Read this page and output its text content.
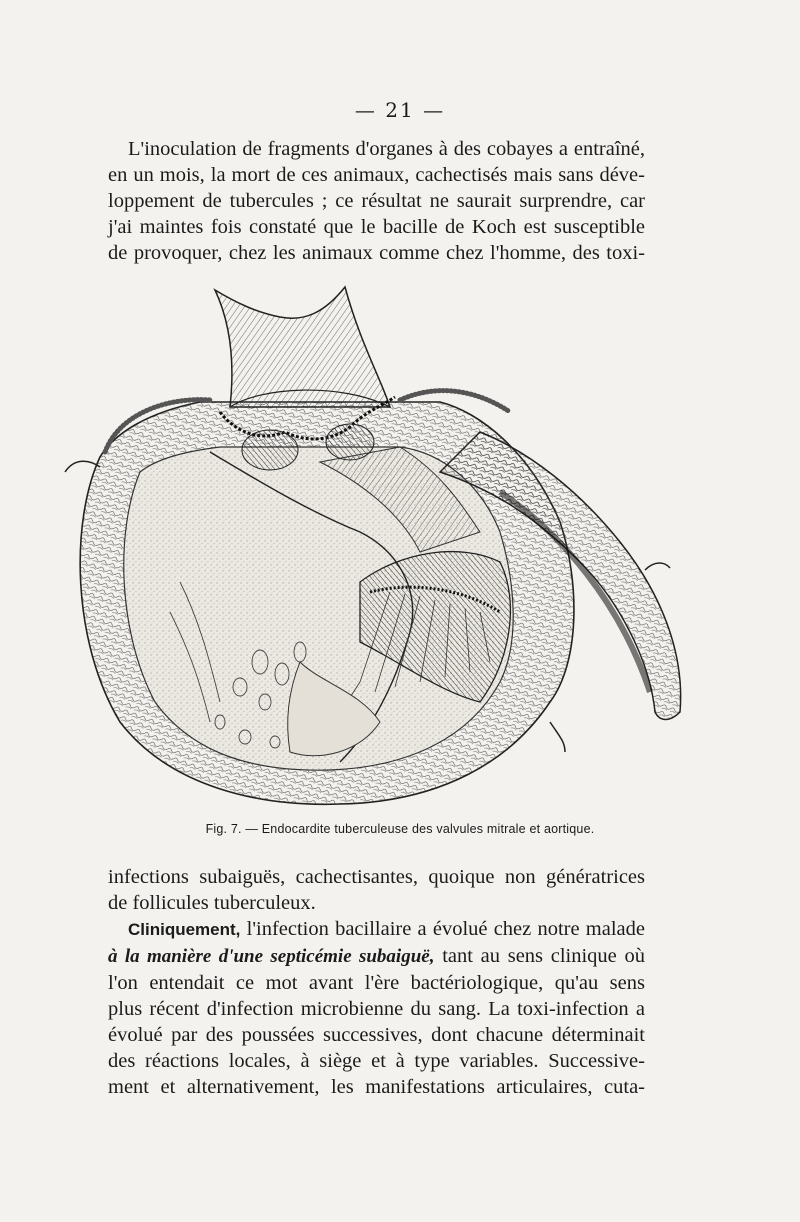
— 21 —
L'inoculation de fragments d'organes à des cobayes a entraîné,
en un mois, la mort de ces animaux, cachectisés mais sans déve-
loppement de tubercules ; ce résultat ne saurait surprendre, car
j'ai maintes fois constaté que le bacille de Koch est susceptible
de provoquer, chez les animaux comme chez l'homme, des toxi-
Fig. 7. — Endocardite tuberculeuse des valvules mitrale et aortique.
infections subaiguës, cachectisantes, quoique non génératrices
de follicules tuberculeux.
Cliniquement, l'infection bacillaire a évolué chez notre malade
à la manière d'une septicémie subaiguë, tant au sens clinique où
l'on entendait ce mot avant l'ère bactériologique, qu'au sens
plus récent d'infection microbienne du sang. La toxi-infection a
évolué par des poussées successives, dont chacune déterminait
des réactions locales, à siège et à type variables. Successive-
ment et alternativement, les manifestations articulaires, cuta-
